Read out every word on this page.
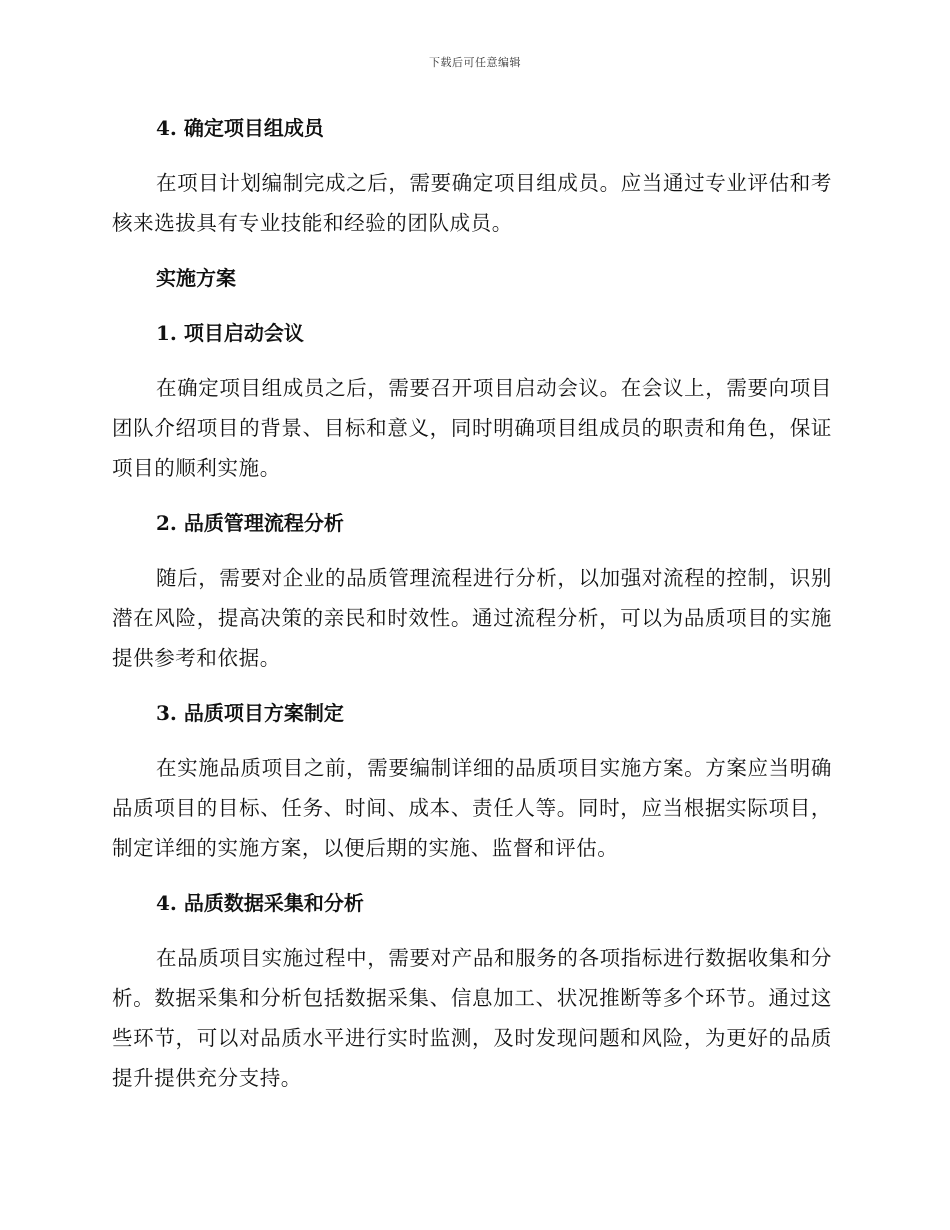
下载后可任意编辑
4. 确定项目组成员
在项目计划编制完成之后，需要确定项目组成员。应当通过专业评估和考核来选拔具有专业技能和经验的团队成员。
实施方案
1. 项目启动会议
在确定项目组成员之后，需要召开项目启动会议。在会议上，需要向项目团队介绍项目的背景、目标和意义，同时明确项目组成员的职责和角色，保证项目的顺利实施。
2. 品质管理流程分析
随后，需要对企业的品质管理流程进行分析，以加强对流程的控制，识别潜在风险，提高决策的亲民和时效性。通过流程分析，可以为品质项目的实施提供参考和依据。
3. 品质项目方案制定
在实施品质项目之前，需要编制详细的品质项目实施方案。方案应当明确品质项目的目标、任务、时间、成本、责任人等。同时，应当根据实际项目，制定详细的实施方案，以便后期的实施、监督和评估。
4. 品质数据采集和分析
在品质项目实施过程中，需要对产品和服务的各项指标进行数据收集和分析。数据采集和分析包括数据采集、信息加工、状况推断等多个环节。通过这些环节，可以对品质水平进行实时监测，及时发现问题和风险，为更好的品质提升提供充分支持。
